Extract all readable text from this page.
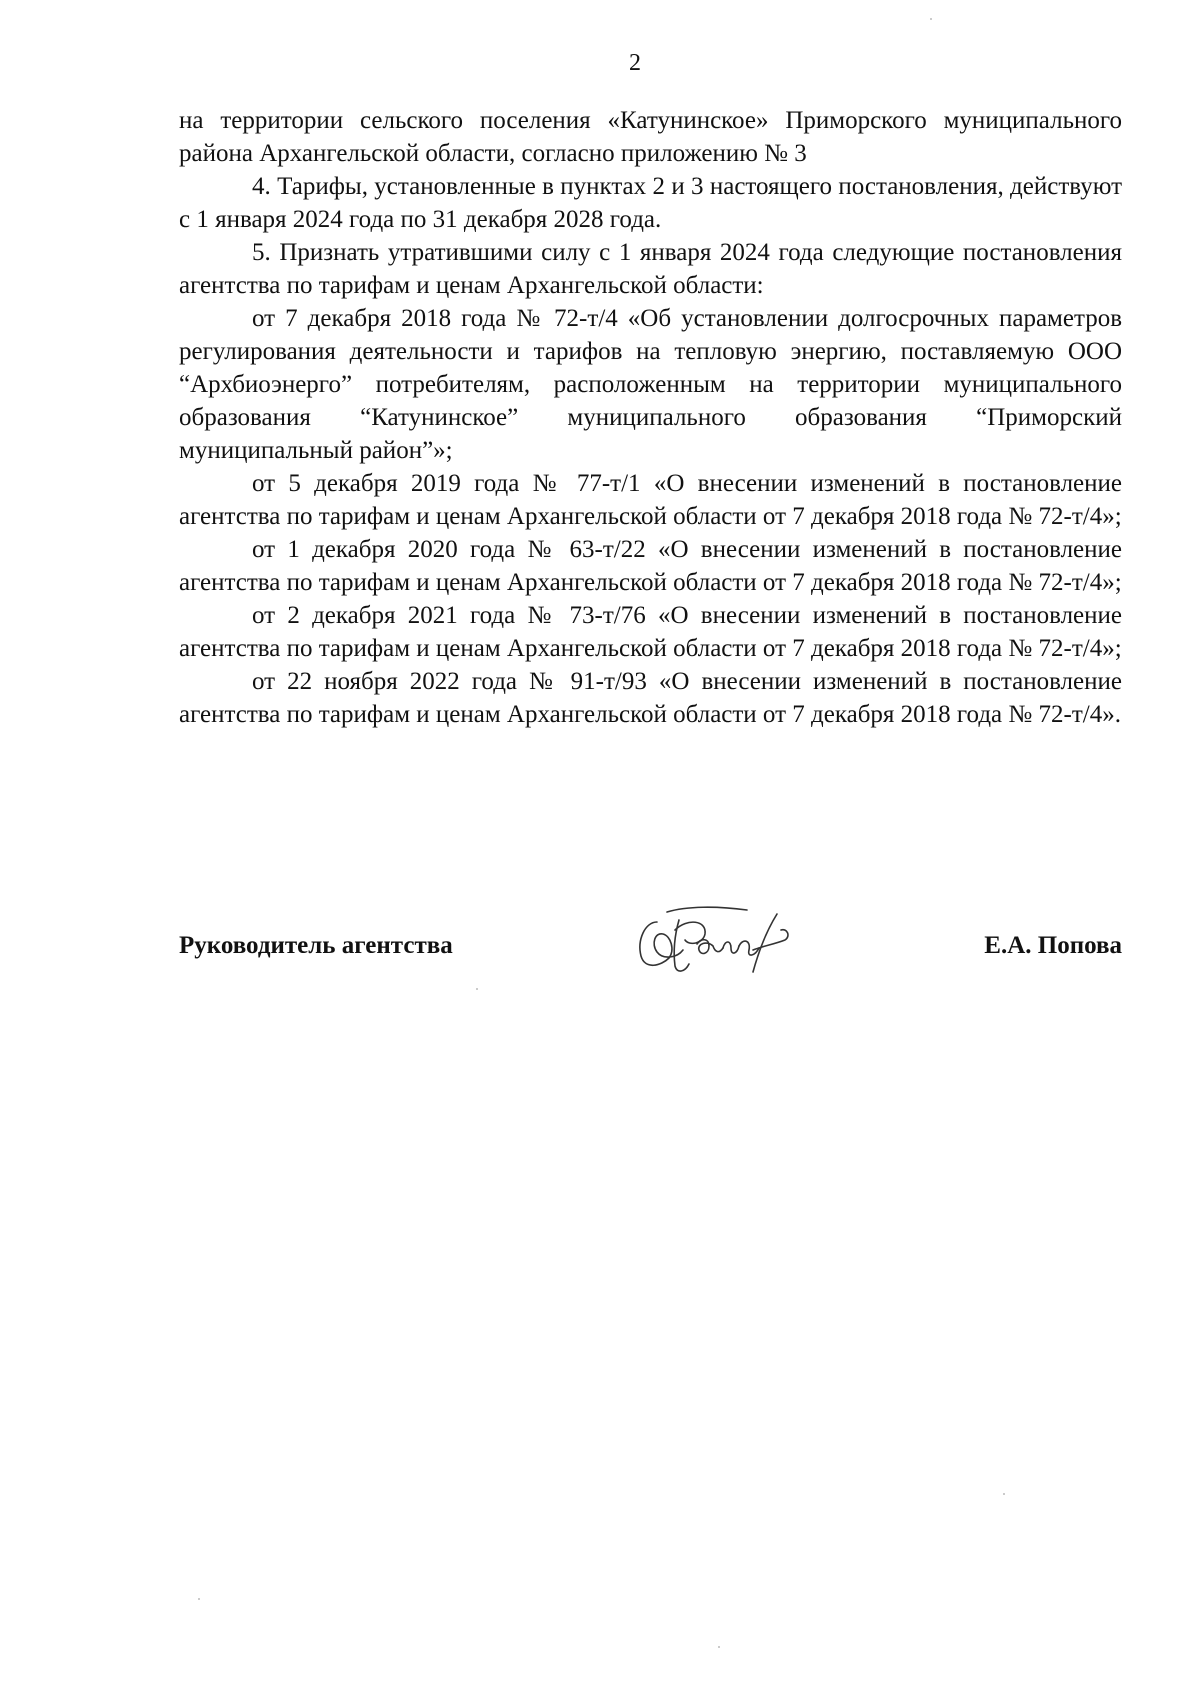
2

на территории сельского поселения «Катунинское» Приморского муниципального района Архангельской области, согласно приложению № 3

4. Тарифы, установленные в пунктах 2 и 3 настоящего постановления, действуют с 1 января 2024 года по 31 декабря 2028 года.

5. Признать утратившими силу с 1 января 2024 года следующие постановления агентства по тарифам и ценам Архангельской области:

от 7 декабря 2018 года № 72-т/4 «Об установлении долгосрочных параметров регулирования деятельности и тарифов на тепловую энергию, поставляемую ООО “Архбиоэнерго” потребителям, расположенным на территории муниципального образования “Катунинское” муниципального образования “Приморский муниципальный район”»;

от 5 декабря 2019 года № 77-т/1 «О внесении изменений в постановление агентства по тарифам и ценам Архангельской области от 7 декабря 2018 года № 72-т/4»;

от 1 декабря 2020 года № 63-т/22 «О внесении изменений в постановление агентства по тарифам и ценам Архангельской области от 7 декабря 2018 года № 72-т/4»;

от 2 декабря 2021 года № 73-т/76 «О внесении изменений в постановление агентства по тарифам и ценам Архангельской области от 7 декабря 2018 года № 72-т/4»;

от 22 ноября 2022 года № 91-т/93 «О внесении изменений в постановление агентства по тарифам и ценам Архангельской области от 7 декабря 2018 года № 72-т/4».

Руководитель агентства	Е.А. Попова
